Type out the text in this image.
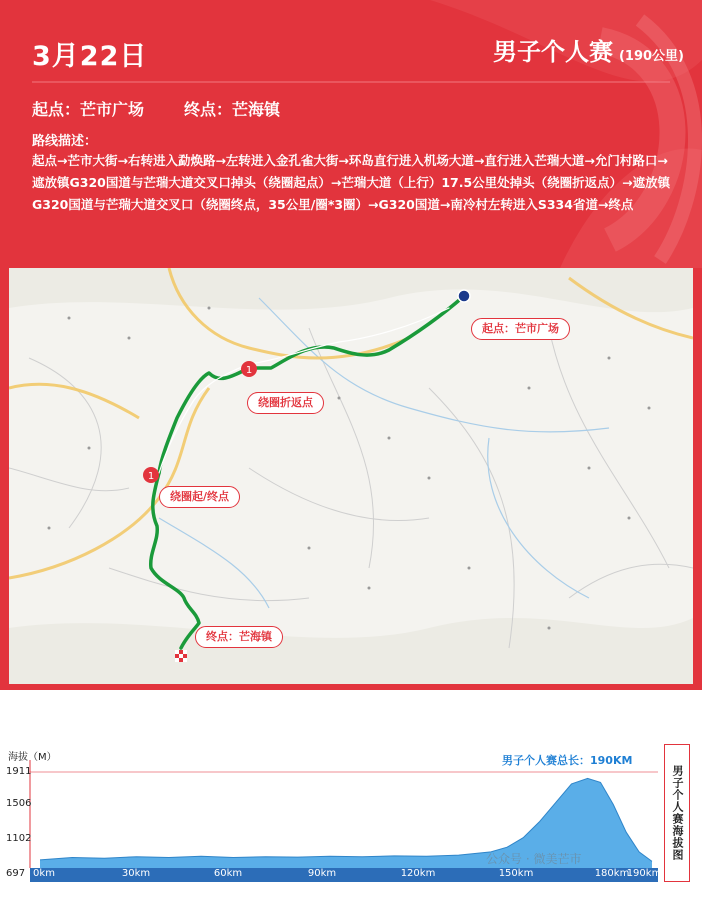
3月22日	男子个人赛 (190公里)
起点：芒市广场	终点：芒海镇
路线描述：
起点→芒市大街→右转进入勐焕路→左转进入金孔雀大街→环岛直行进入机场大道→直行进入芒瑞大道→允门村路口→遮放镇G320国道与芒瑞大道交叉口掉头（绕圈起点）→芒瑞大道（上行）17.5公里处掉头（绕圈折返点）→遮放镇G320国道与芒瑞大道交叉口（绕圈终点，35公里/圈*3圈）→G320国道→南冷村左转进入S334省道→终点
1
1
起点：芒市广场
绕圈折返点
绕圈起/终点
终点：芒海镇
海拔（M）	男子个人赛总长：190KM
男子个人赛海拔图
1911
1506
1102
697 0km	30km	60km	90km	120km	150km	180km
190km
公众号 · 微美芒市
